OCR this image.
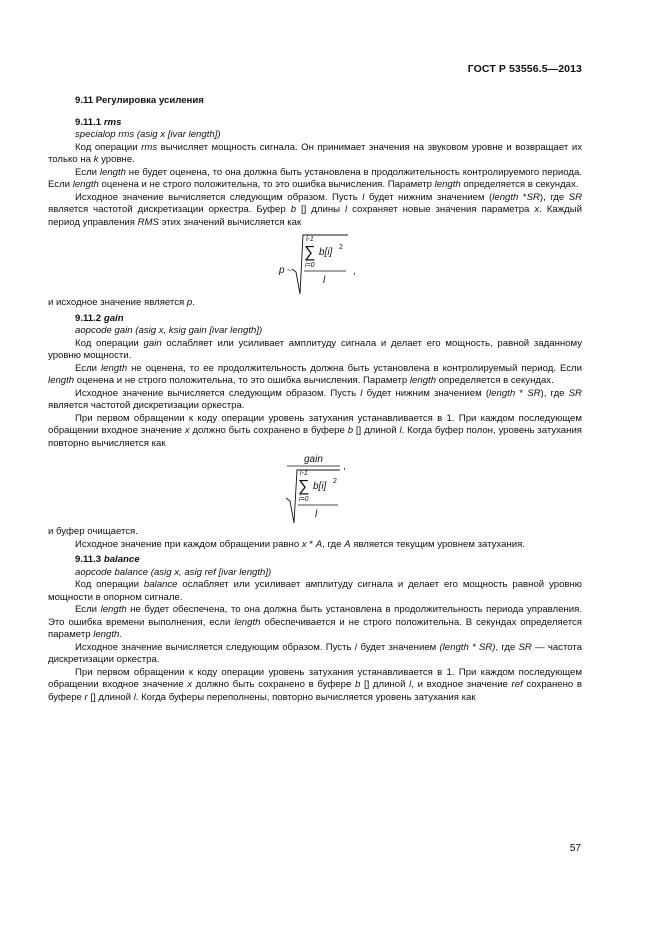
ГОСТ Р 53556.5—2013

9.11 Регулировка усиления

9.11.1 rms

specialop rms (asig x [ivar length])

Код операции rms вычисляет мощность сигнала. Он принимает значения на звуковом уровне и возвращает их только на k уровне.

Если length не будет оценена, то она должна быть установлена в продолжительность контролируемого периода. Если length оценена и не строго положительна, то это ошибка вычисления. Параметр length определяется в секундах.

Исходное значение вычисляется следующим образом. Пусть l будет нижним значением (length *SR), где SR является частотой дискретизации оркестра. Буфер b [] длины l сохраняет новые значения параметра x. Каждый период управления RMS этих значений вычисляется как

p ~
l-1
∑ b[i] 2
i=0
l
,

и исходное значение является p.

9.11.2 gain

aopcode gain (asig x, ksig gain [ivar length])

Код операции gain ослабляет или усиливает амплитуду сигнала и делает его мощность, равной заданному уровню мощности.

Если length не оценена, то ее продолжительность должна быть установлена в контролируемый период. Если length оценена и не строго положительна, то это ошибка вычисления. Параметр length определяется в секундах.

Исходное значение вычисляется следующим образом. Пусть l будет нижним значением (length * SR), где SR является частотой дискретизации оркестра.

При первом обращении к коду операции уровень затухания устанавливается в 1. При каждом последующем обращении входное значение x должно быть сохранено в буфере b [] длиной l. Когда буфер полон, уровень затухания повторно вычисляется как

gain
,
l-1
∑ b[i] 2
i=0
l

и буфер очищается.

Исходное значение при каждом обращении равно x * A, где A является текущим уровнем затухания.

9.11.3 balance

aopcode balance (asig x, asig ref [ivar length])

Код операции balance ослабляет или усиливает амплитуду сигнала и делает его мощность равной уровню мощности в опорном сигнале.

Если length не будет обеспечена, то она должна быть установлена в продолжительность периода управления. Это ошибка времени выполнения, если length обеспечивается и не строго положительна. В секундах определяется параметр length.

Исходное значение вычисляется следующим образом. Пусть / будет значением (length * SR), где SR — частота дискретизации оркестра.

При первом обращении к коду операции уровень затухания устанавливается в 1. При каждом последующем обращении входное значение x должно быть сохранено в буфере b [] длиной l, и входное значение ref сохранено в буфере r [] длиной l. Когда буферы переполнены, повторно вычисляется уровень затухания как

57
